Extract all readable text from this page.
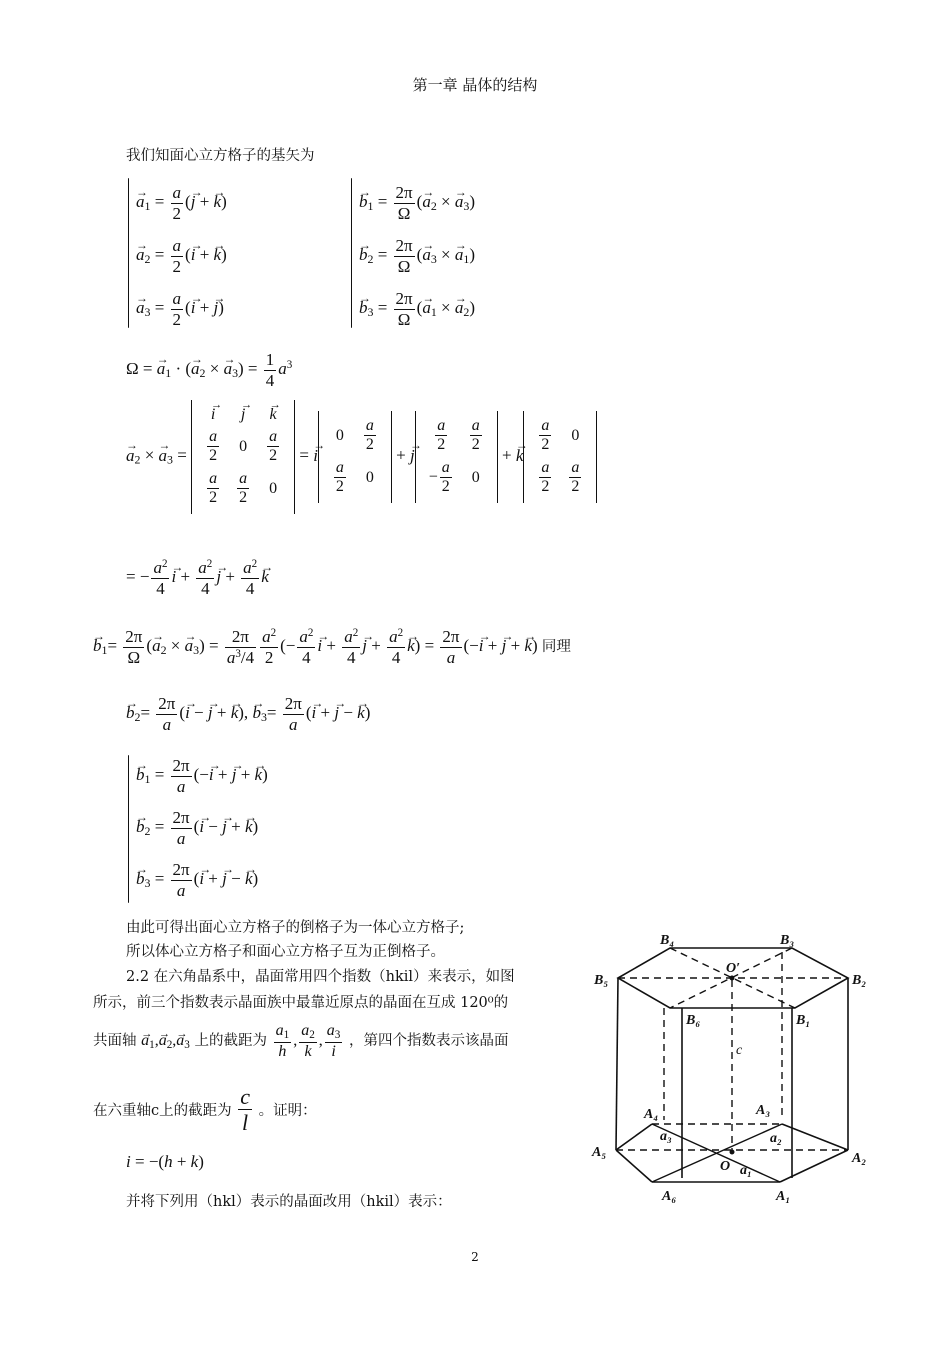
第一章 晶体的结构
我们知面心立方格子的基矢为
→ $a_1 = \frac{a}{2}$ (→ j + → k)
→ $a_2 = \frac{a}{2}$ (→ i + → k)
→ $a_3 = \frac{a}{2}$ (→ i + → j)
→ $b_1 = \frac{2\pi}{\Omega}$ (→ $a_2$ × → $a_3$)
→ $b_2 = \frac{2\pi}{\Omega}$ (→ $a_3$ × → $a_1$)
→ $b_3 = \frac{2\pi}{\Omega}$ (→ $a_1$ × → $a_2$)
Ω = → $a_1$ · (→ $a_2$ × → $a_3) = \frac{1}{4} a^3$
→ $a_2$ × → $a_3$ =
→ i	→ j	→ k

$\frac{a}{2}$	0	$\frac{a}{2}$

$\frac{a}{2}$	$\frac{a}{2}$	0
= → i
0	$\frac{a}{2}$

$\frac{a}{2}$	0
+ → j
$\frac{a}{2}$	$\frac{a}{2}$

− $\frac{a}{2}$	0
+ → k
$\frac{a}{2}$	0

$\frac{a}{2}$	$\frac{a}{2}$
= − $\frac{a^2}{4} \to i + \frac{a^2}{4} \to j + \frac{a^2}{4} \to k$
→ $b_1= \frac{2\pi}{\Omega}$ (→ $a_2$ × → $a_3) = \frac{2\pi}{a^3/4} \frac{a^2}{2}$ (− $\frac{a^2}{4} \to i + \frac{a^2}{4} \to j + \frac{a^2}{4} \to k) = \frac{2\pi}{a}$ (−→ i + → j + → k) 同理
→ $b_2= \frac{2\pi}{a}$ (→ i − → j + → k), → $b_3= \frac{2\pi}{a}$ (→ i + → j − → k)
→ $b_1 = \frac{2\pi}{a}$ (−→ i + → j + → k)
→ $b_2 = \frac{2\pi}{a}$ (→ i − → j + → k)
→ $b_3 = \frac{2\pi}{a}$ (→ i + → j − → k)
由此可得出面心立方格子的倒格子为一体心立方格子;
所以体心立方格子和面心立方格子互为正倒格子。
2.2 在六角晶系中，晶面常用四个指数（hkil）来表示，如图
所示，前三个指数表示晶面族中最靠近原点的晶面在互成 120⁰的
共面轴 → $a_1,\to a_2,\to a_3$ 上的截距为 $\frac{a_1}{h}$ , $\frac{a_2}{k}$ , $\frac{a_3}{i}$ ，第四个指数表示该晶面
在六重轴c上的截距为 $\frac{c}{l}$ 。证明：
i = −(h + k)
并将下列用（hkl）表示的晶面改用（hkil）表示：
B₄	B₃
B₅	B₂
B₆	B₁
O′
c
A₄	A₃
a₃	a₂
A₅	A₂
O a₁
A₆	A₁
2
